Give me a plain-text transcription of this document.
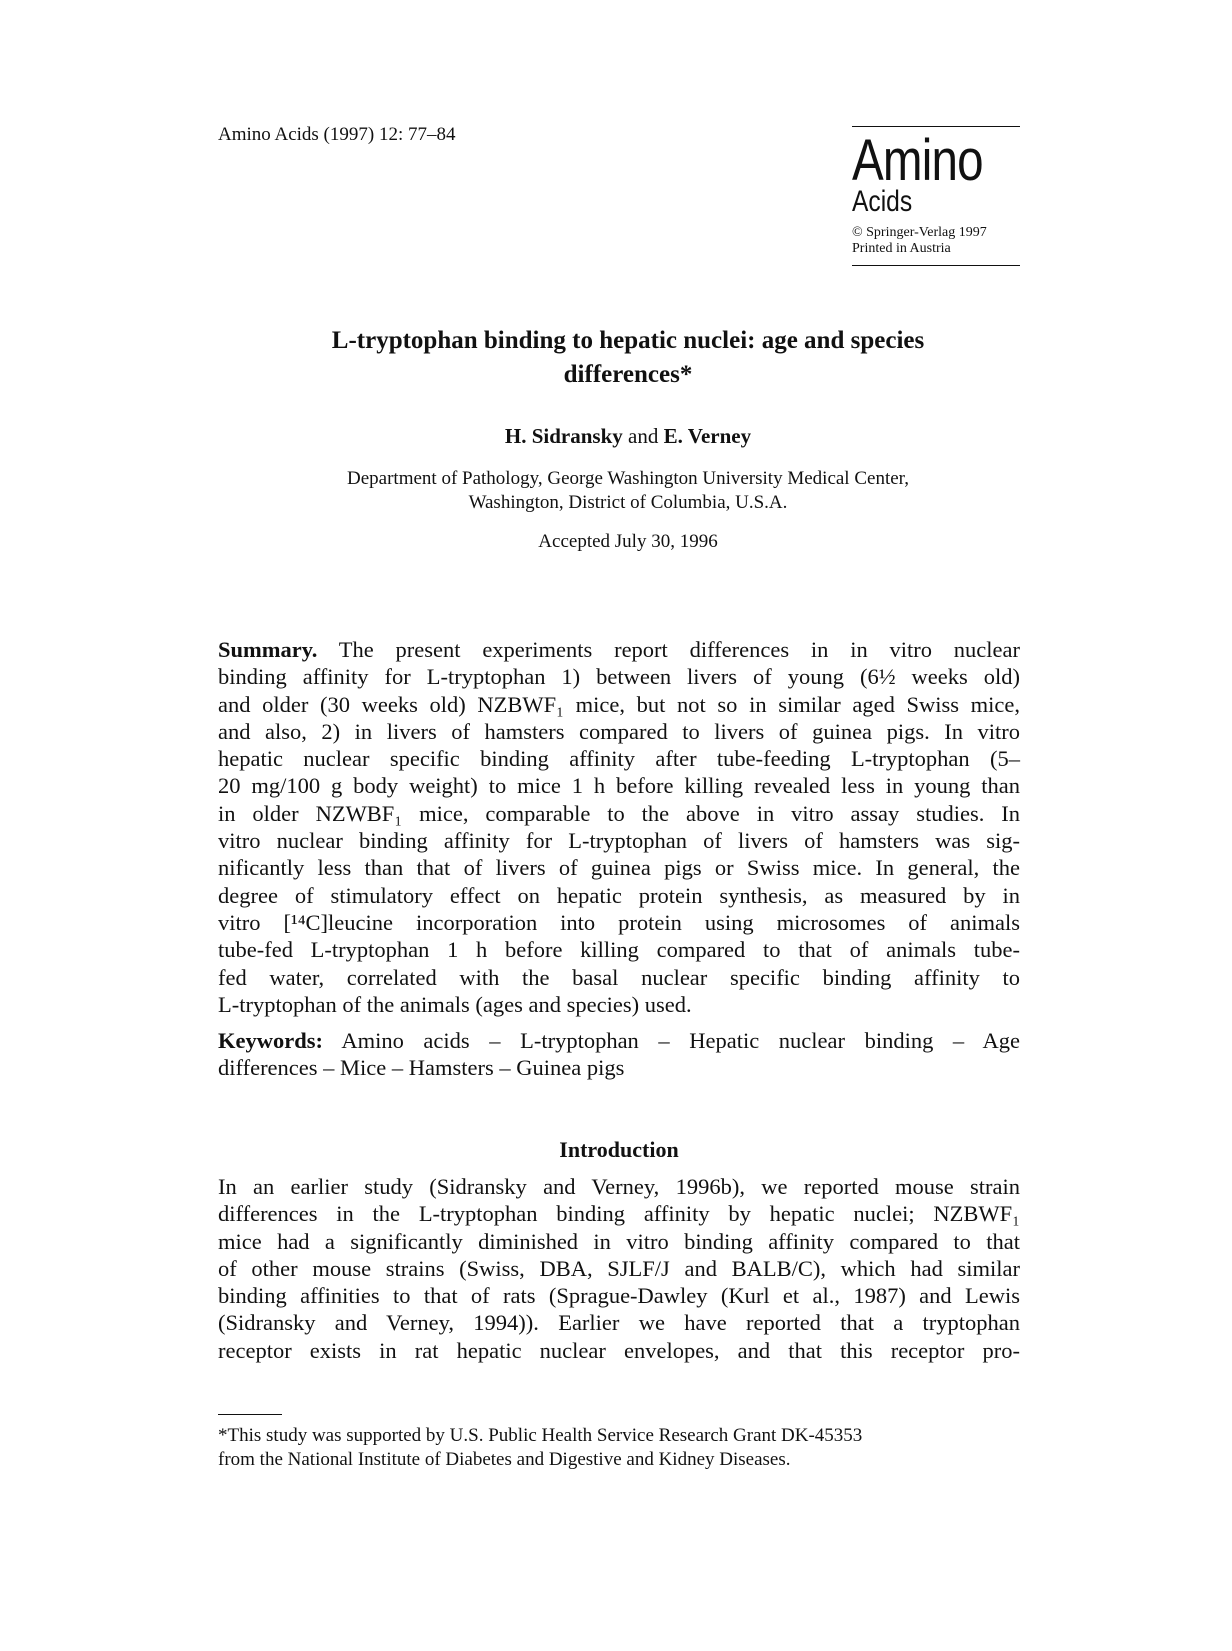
Amino Acids (1997) 12: 77–84	Amino
Acids
© Springer-Verlag 1997
Printed in Austria
L-tryptophan binding to hepatic nuclei: age and species
differences*
H. Sidransky and E. Verney
Department of Pathology, George Washington University Medical Center,
Washington, District of Columbia, U.S.A.
Accepted July 30, 1996
Summary. The present experiments report differences in in vitro nuclear
binding affinity for L-tryptophan 1) between livers of young (6½ weeks old)
and older (30 weeks old) NZBWF₁ mice, but not so in similar aged Swiss mice,
and also, 2) in livers of hamsters compared to livers of guinea pigs. In vitro
hepatic nuclear specific binding affinity after tube-feeding L-tryptophan (5–
20 mg/100 g body weight) to mice 1 h before killing revealed less in young than
in older NZWBF₁ mice, comparable to the above in vitro assay studies. In
vitro nuclear binding affinity for L-tryptophan of livers of hamsters was sig-
nificantly less than that of livers of guinea pigs or Swiss mice. In general, the
degree of stimulatory effect on hepatic protein synthesis, as measured by in
vitro [¹⁴C]leucine incorporation into protein using microsomes of animals
tube-fed L-tryptophan 1 h before killing compared to that of animals tube-
fed water, correlated with the basal nuclear specific binding affinity to
L-tryptophan of the animals (ages and species) used.
Keywords: Amino acids – L-tryptophan – Hepatic nuclear binding – Age
differences – Mice – Hamsters – Guinea pigs
Introduction
In an earlier study (Sidransky and Verney, 1996b), we reported mouse strain
differences in the L-tryptophan binding affinity by hepatic nuclei; NZBWF₁
mice had a significantly diminished in vitro binding affinity compared to that
of other mouse strains (Swiss, DBA, SJLF/J and BALB/C), which had similar
binding affinities to that of rats (Sprague-Dawley (Kurl et al., 1987) and Lewis
(Sidransky and Verney, 1994)). Earlier we have reported that a tryptophan
receptor exists in rat hepatic nuclear envelopes, and that this receptor pro-
*This study was supported by U.S. Public Health Service Research Grant DK-45353
from the National Institute of Diabetes and Digestive and Kidney Diseases.
